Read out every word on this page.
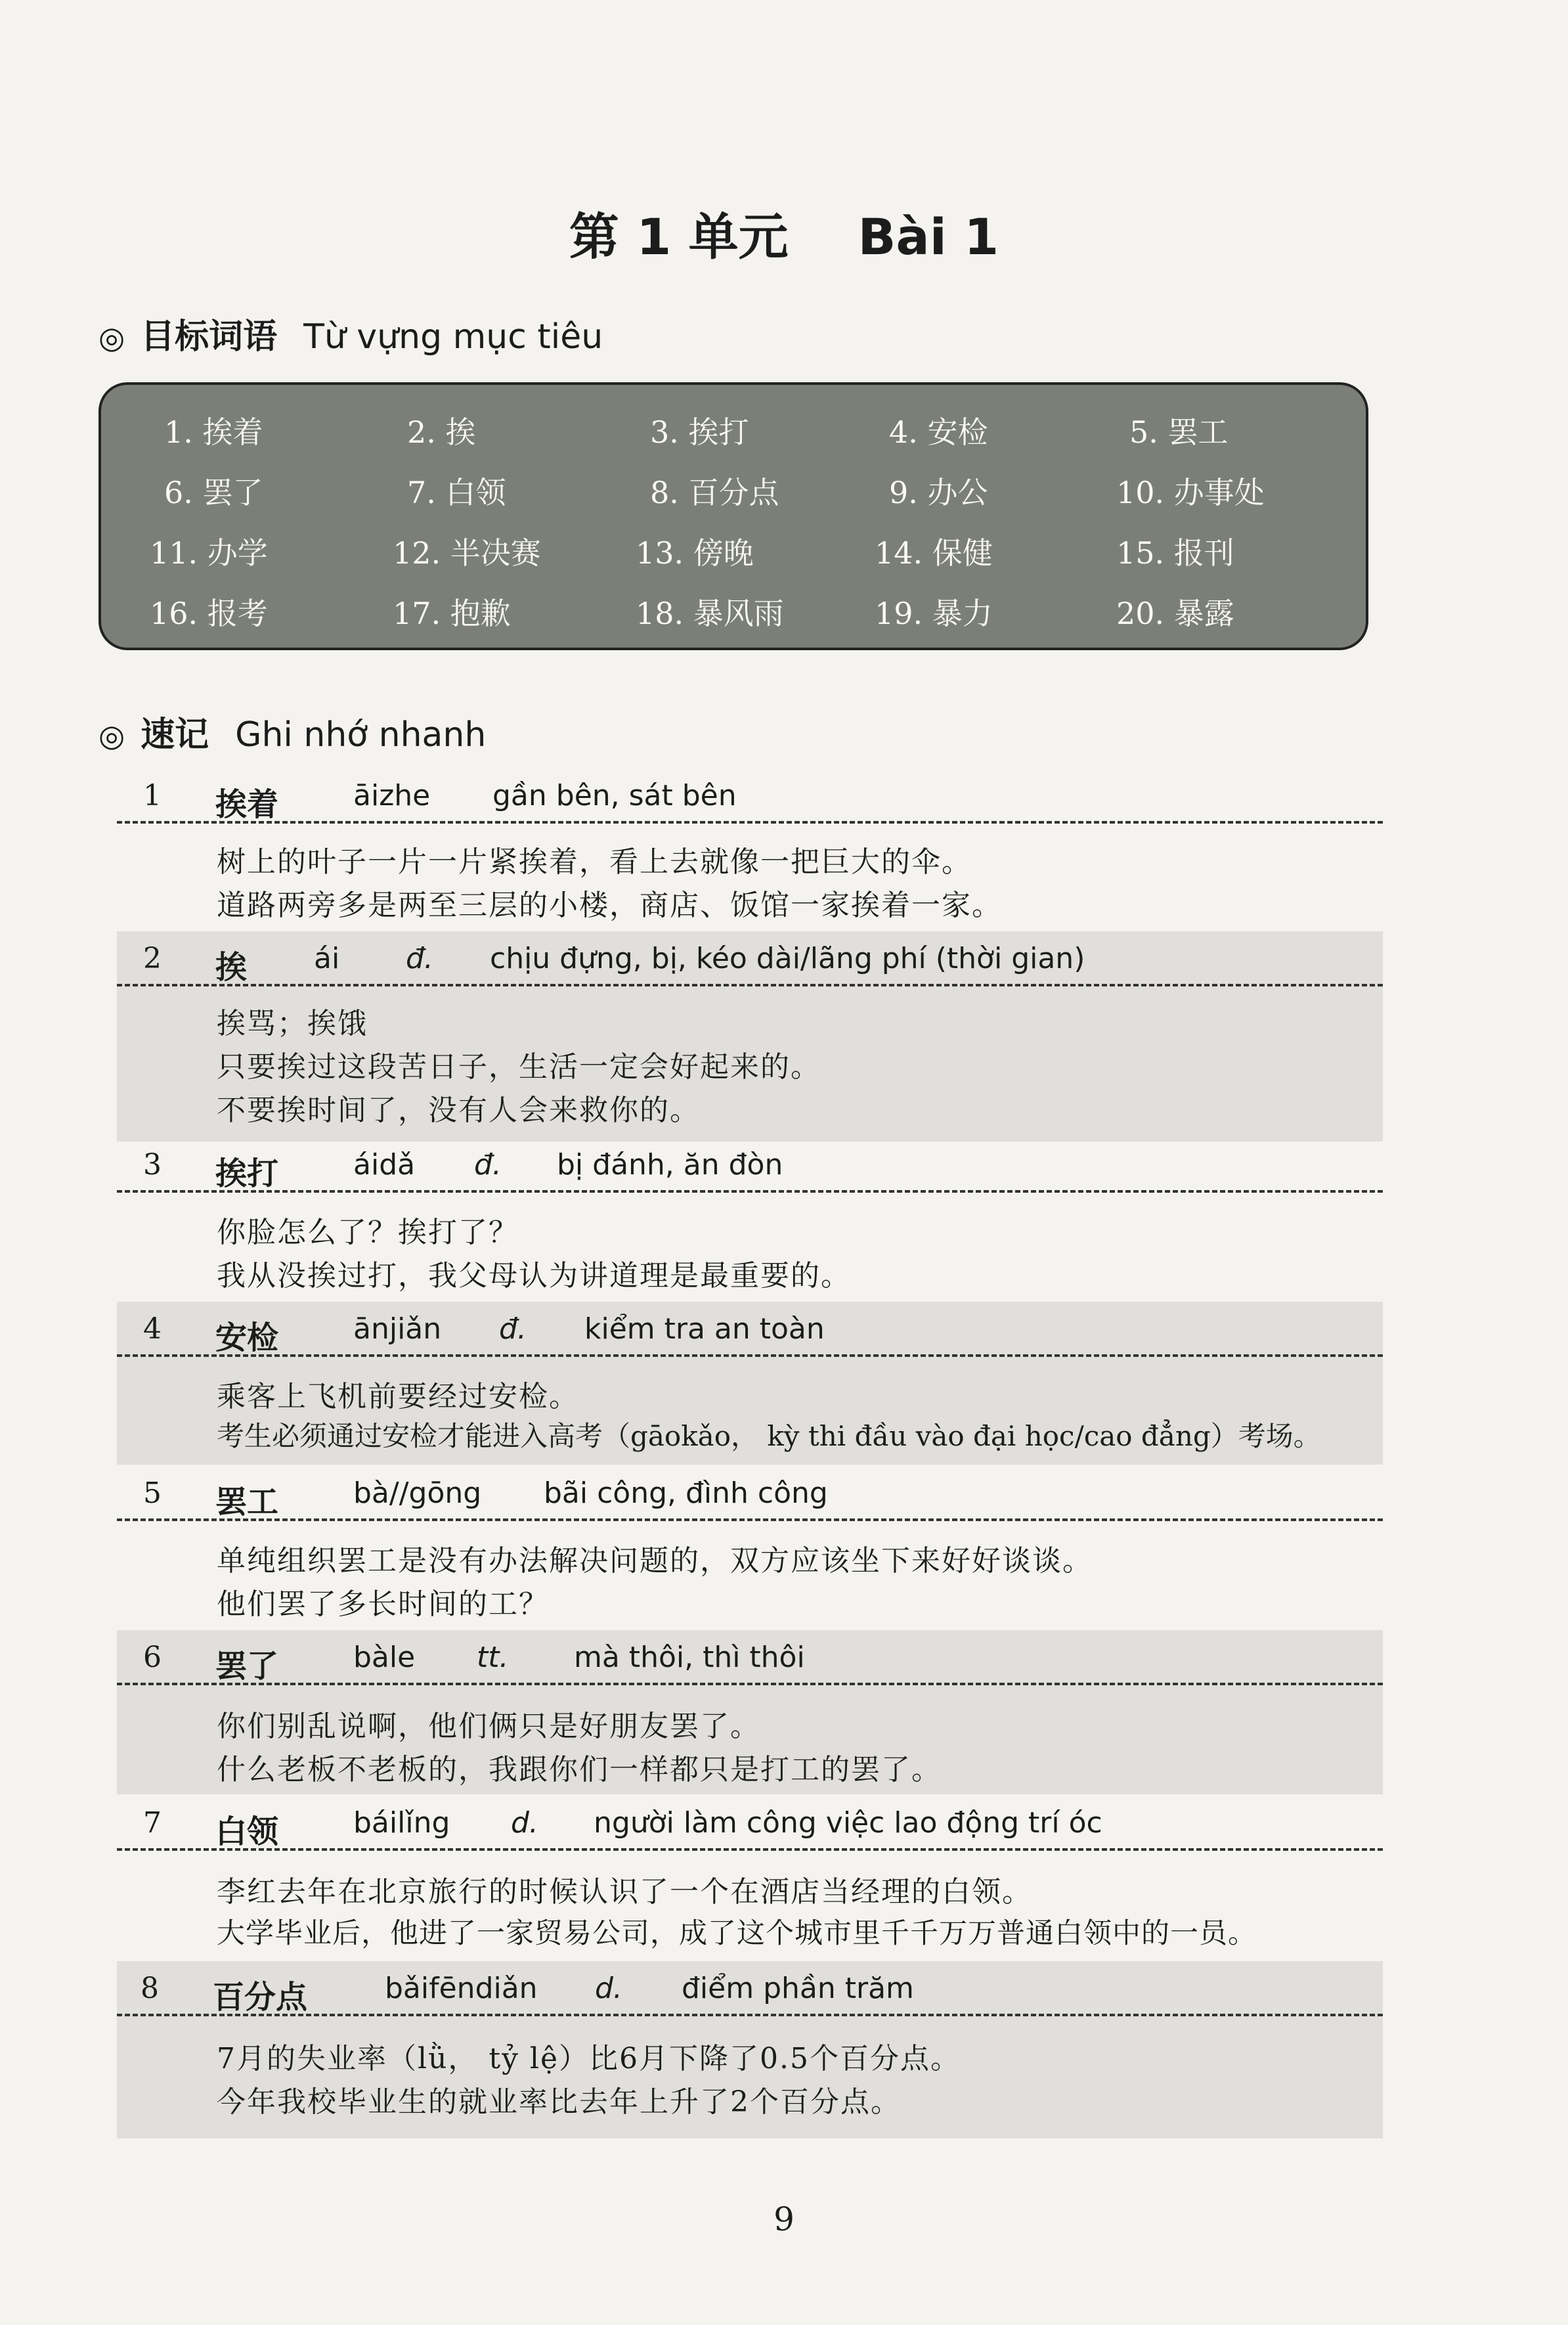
第 1 单元    Bài 1
◎ 目标词语 Từ vựng mục tiêu
1. 挨着	2. 挨	3. 挨打	4. 安检	5. 罢工
6. 罢了	7. 白领	8. 百分点	9. 办公	10. 办事处
11. 办学	12. 半决赛	13. 傍晚	14. 保健	15. 报刊
16. 报考	17. 抱歉	18. 暴风雨	19. 暴力	20. 暴露
◎ 速记 Ghi nhớ nhanh
1 挨着	āizhe gần bên, sát bên
树上的叶子一片一片紧挨着，看上去就像一把巨大的伞。
道路两旁多是两至三层的小楼，商店、饭馆一家挨着一家。
2 挨 ái đ. chịu đựng, bị, kéo dài/lãng phí (thời gian)
挨骂；挨饿
只要挨过这段苦日子，生活一定会好起来的。
不要挨时间了，没有人会来救你的。
3 挨打	áidǎ đ. bị đánh, ăn đòn
你脸怎么了？挨打了？
我从没挨过打，我父母认为讲道理是最重要的。
4 安检	ānjiǎn đ. kiểm tra an toàn
乘客上飞机前要经过安检。
考生必须通过安检才能进入高考（gāokǎo， kỳ thi đầu vào đại học/cao đẳng）考场。
5 罢工	bà//gōng bãi công, đình công
单纯组织罢工是没有办法解决问题的，双方应该坐下来好好谈谈。
他们罢了多长时间的工？
6 罢了	bàle tt. mà thôi, thì thôi
你们别乱说啊，他们俩只是好朋友罢了。
什么老板不老板的，我跟你们一样都只是打工的罢了。
7 白领	báilǐng d. người làm công việc lao động trí óc
李红去年在北京旅行的时候认识了一个在酒店当经理的白领。
大学毕业后，他进了一家贸易公司，成了这个城市里千千万万普通白领中的一员。
8 百分点	bǎifēndiǎn d. điểm phần trăm
7月的失业率（lǜ， tỷ lệ）比6月下降了0.5个百分点。
今年我校毕业生的就业率比去年上升了2个百分点。
9
